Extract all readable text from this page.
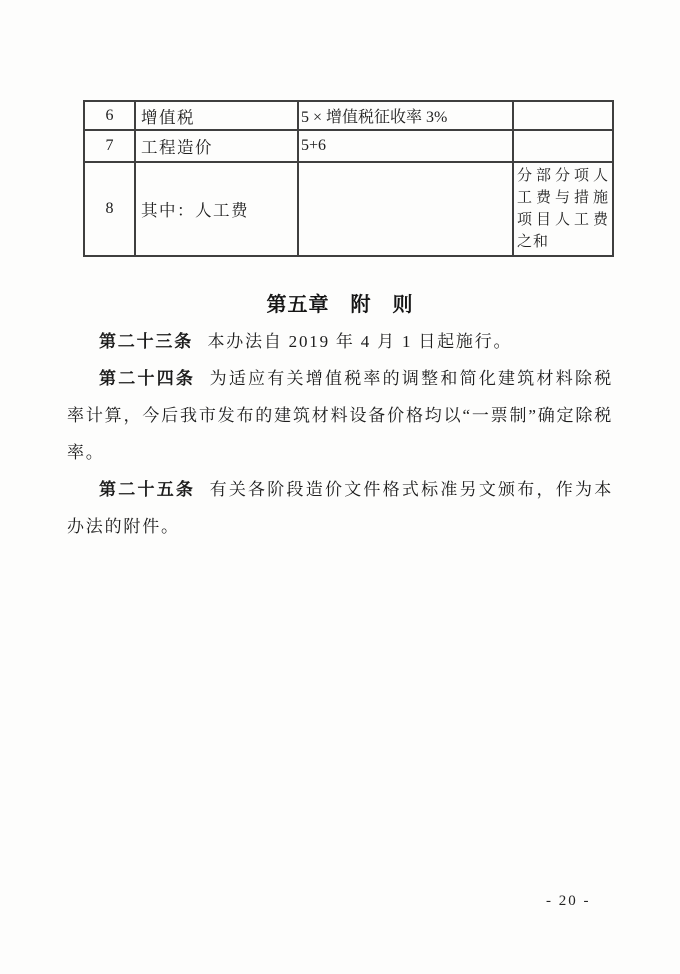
6	增值税	5 × 增值税征收率 3%	
7	工程造价	5+6	
8	其中：人工费		分部分项人工费与措施项目人工费之和
第五章　附　则

第二十三条 本办法自 2019 年 4 月 1 日起施行。

第二十四条 为适应有关增值税率的调整和简化建筑材料除税率计算，今后我市发布的建筑材料设备价格均以“一票制”确定除税率。

第二十五条 有关各阶段造价文件格式标准另文颁布，作为本办法的附件。

- 20 -
